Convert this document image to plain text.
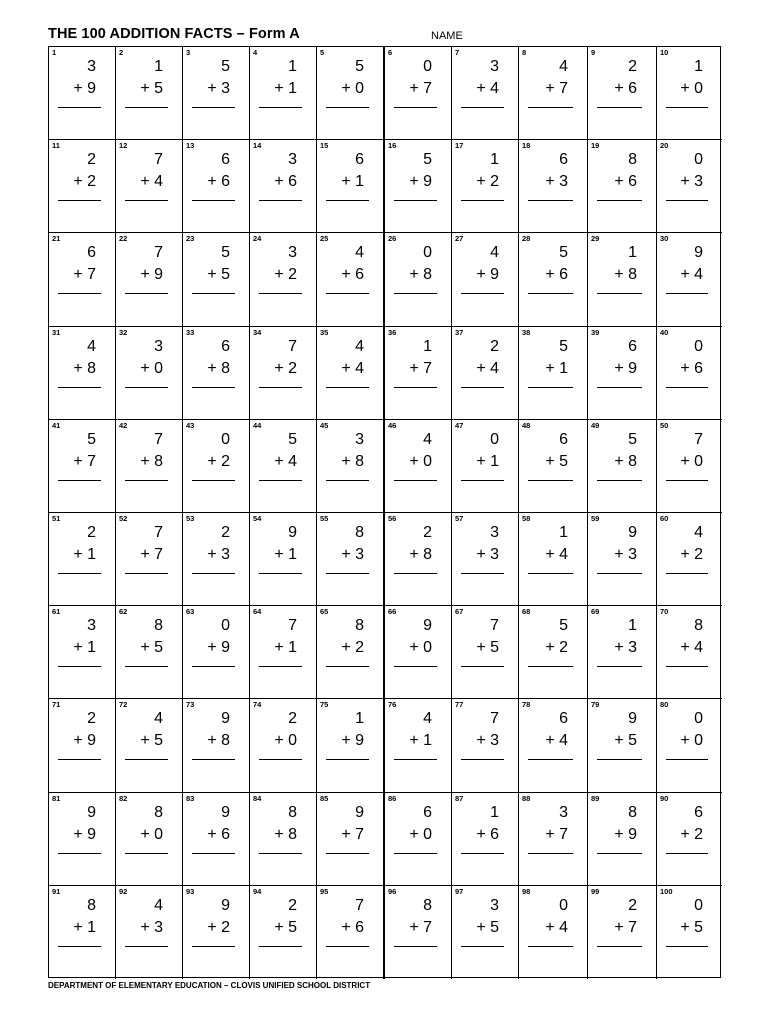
THE 100 ADDITION FACTS – Form A	NAME
1
3
+ 9
2
1
+ 5
3
5
+ 3
4
1
+ 1
5
5
+ 0
6
0
+ 7
7
3
+ 4
8
4
+ 7
9
2
+ 6
10
1
+ 0
11
2
+ 2
12
7
+ 4
13
6
+ 6
14
3
+ 6
15
6
+ 1
16
5
+ 9
17
1
+ 2
18
6
+ 3
19
8
+ 6
20
0
+ 3
21
6
+ 7
22
7
+ 9
23
5
+ 5
24
3
+ 2
25
4
+ 6
26
0
+ 8
27
4
+ 9
28
5
+ 6
29
1
+ 8
30
9
+ 4
31
4
+ 8
32
3
+ 0
33
6
+ 8
34
7
+ 2
35
4
+ 4
36
1
+ 7
37
2
+ 4
38
5
+ 1
39
6
+ 9
40
0
+ 6
41
5
+ 7
42
7
+ 8
43
0
+ 2
44
5
+ 4
45
3
+ 8
46
4
+ 0
47
0
+ 1
48
6
+ 5
49
5
+ 8
50
7
+ 0
51
2
+ 1
52
7
+ 7
53
2
+ 3
54
9
+ 1
55
8
+ 3
56
2
+ 8
57
3
+ 3
58
1
+ 4
59
9
+ 3
60
4
+ 2
61
3
+ 1
62
8
+ 5
63
0
+ 9
64
7
+ 1
65
8
+ 2
66
9
+ 0
67
7
+ 5
68
5
+ 2
69
1
+ 3
70
8
+ 4
71
2
+ 9
72
4
+ 5
73
9
+ 8
74
2
+ 0
75
1
+ 9
76
4
+ 1
77
7
+ 3
78
6
+ 4
79
9
+ 5
80
0
+ 0
81
9
+ 9
82
8
+ 0
83
9
+ 6
84
8
+ 8
85
9
+ 7
86
6
+ 0
87
1
+ 6
88
3
+ 7
89
8
+ 9
90
6
+ 2
91
8
+ 1
92
4
+ 3
93
9
+ 2
94
2
+ 5
95
7
+ 6
96
8
+ 7
97
3
+ 5
98
0
+ 4
99
2
+ 7
100
0
+ 5
DEPARTMENT OF ELEMENTARY EDUCATION – CLOVIS UNIFIED SCHOOL DISTRICT
